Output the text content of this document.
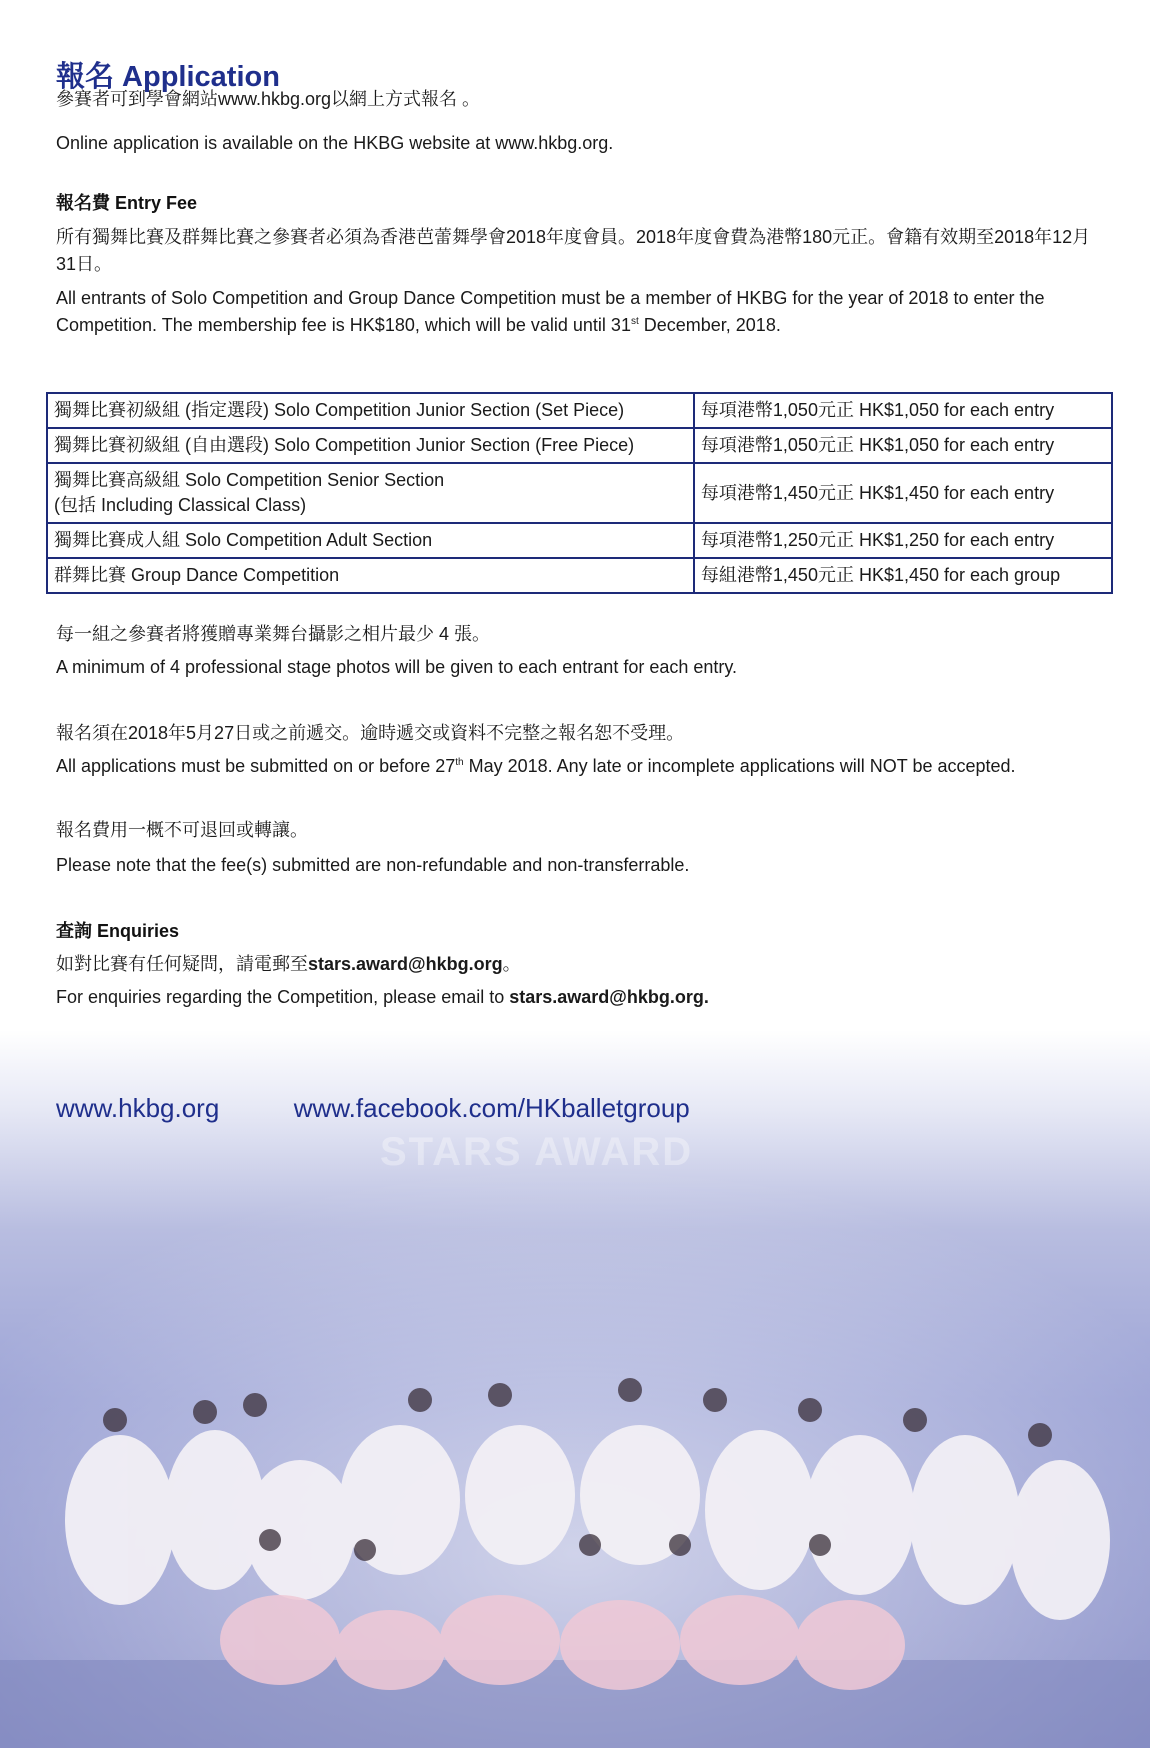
報名 Application
參賽者可到學會網站www.hkbg.org以網上方式報名 。
Online application is available on the HKBG website at www.hkbg.org.
報名費 Entry Fee
所有獨舞比賽及群舞比賽之參賽者必須為香港芭蕾舞學會2018年度會員。2018年度會費為港幣180元正。會籍有效期至2018年12月31日。
All entrants of Solo Competition and Group Dance Competition must be a member of HKBG for the year of 2018 to enter the Competition. The membership fee is HK$180, which will be valid until 31st December, 2018.
獨舞比賽初級組 (指定選段) Solo Competition Junior Section (Set Piece)	每項港幣1,050元正 HK$1,050 for each entry

獨舞比賽初級組 (自由選段) Solo Competition Junior Section (Free Piece)	每項港幣1,050元正 HK$1,050 for each entry

獨舞比賽高級組 Solo Competition Senior Section
(包括 Including Classical Class)	每項港幣1,450元正 HK$1,450 for each entry

獨舞比賽成人組 Solo Competition Adult Section	每項港幣1,250元正 HK$1,250 for each entry

群舞比賽 Group Dance Competition	每組港幣1,450元正 HK$1,450 for each group
每一組之參賽者將獲贈專業舞台攝影之相片最少 4 張。
A minimum of 4 professional stage photos will be given to each entrant for each entry.
報名須在2018年5月27日或之前遞交。逾時遞交或資料不完整之報名恕不受理。
All applications must be submitted on or before 27th May 2018. Any late or incomplete applications will NOT be accepted.
報名費用一概不可退回或轉讓。
Please note that the fee(s) submitted are non-refundable and non-transferrable.
查詢 Enquiries
如對比賽有任何疑問，請電郵至stars.award@hkbg.org。
For enquiries regarding the Competition, please email to stars.award@hkbg.org.
